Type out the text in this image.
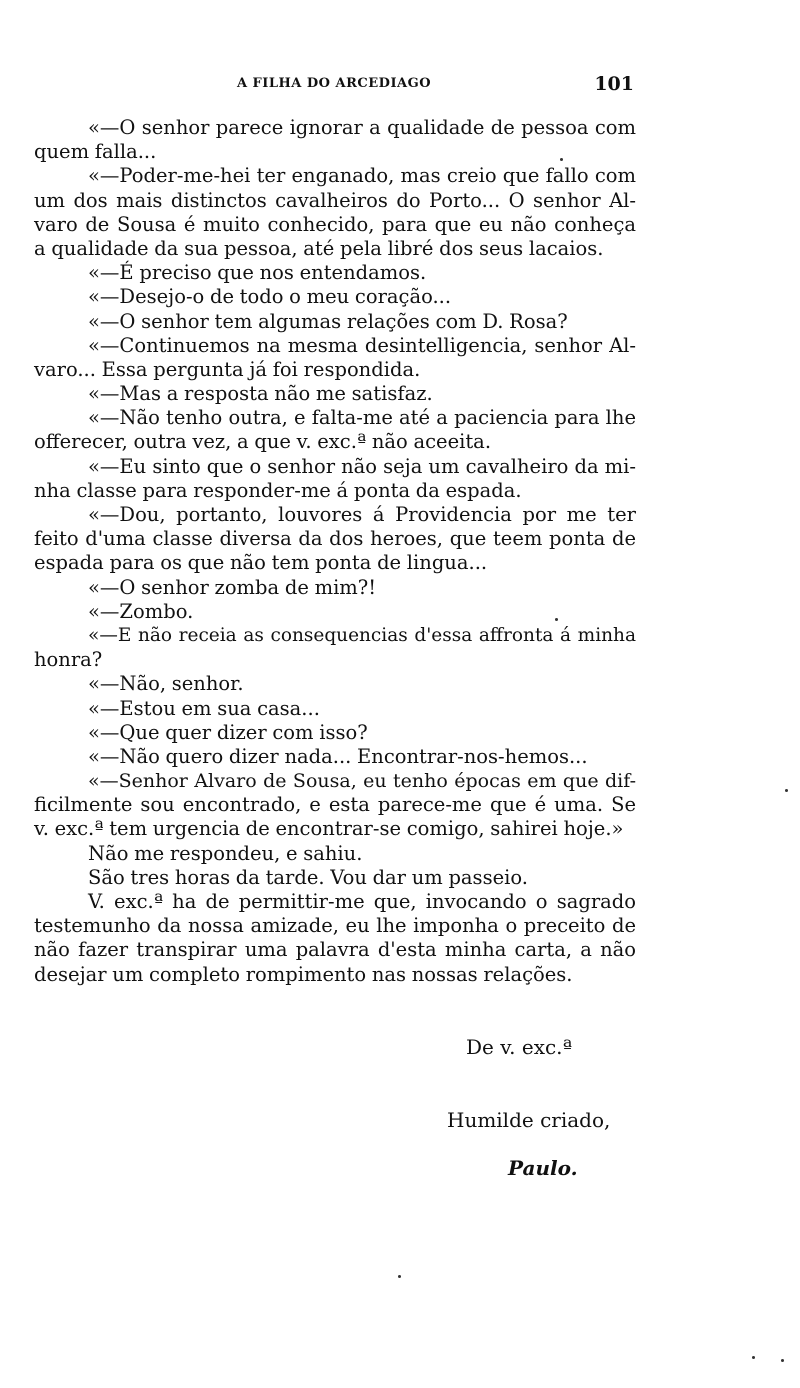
A FILHA DO ARCEDIAGO	101
«—O senhor parece ignorar a qualidade de pessoa com
quem falla...
«—Poder-me-hei ter enganado, mas creio que fallo com
um dos mais distinctos cavalheiros do Porto... O senhor Al-
varo de Sousa é muito conhecido, para que eu não conheça
a qualidade da sua pessoa, até pela libré dos seus lacaios.
«—É preciso que nos entendamos.
«—Desejo-o de todo o meu coração...
«—O senhor tem algumas relações com D. Rosa?
«—Continuemos na mesma desintelligencia, senhor Al-
varo... Essa pergunta já foi respondida.
«—Mas a resposta não me satisfaz.
«—Não tenho outra, e falta-me até a paciencia para lhe
offerecer, outra vez, a que v. exc.ª não aceeita.
«—Eu sinto que o senhor não seja um cavalheiro da mi-
nha classe para responder-me á ponta da espada.
«—Dou, portanto, louvores á Providencia por me ter
feito d'uma classe diversa da dos heroes, que teem ponta de
espada para os que não tem ponta de lingua...
«—O senhor zomba de mim?!
«—Zombo.
«—E não receia as consequencias d'essa affronta á minha
honra?
«—Não, senhor.
«—Estou em sua casa...
«—Que quer dizer com isso?
«—Não quero dizer nada... Encontrar-nos-hemos...
«—Senhor Alvaro de Sousa, eu tenho épocas em que dif-
ficilmente sou encontrado, e esta parece-me que é uma. Se
v. exc.ª tem urgencia de encontrar-se comigo, sahirei hoje.»
Não me respondeu, e sahiu.
São tres horas da tarde. Vou dar um passeio.
V. exc.ª ha de permittir-me que, invocando o sagrado
testemunho da nossa amizade, eu lhe imponha o preceito de
não fazer transpirar uma palavra d'esta minha carta, a não
desejar um completo rompimento nas nossas relações.
De v. exc.ª
Humilde criado,
Paulo.
